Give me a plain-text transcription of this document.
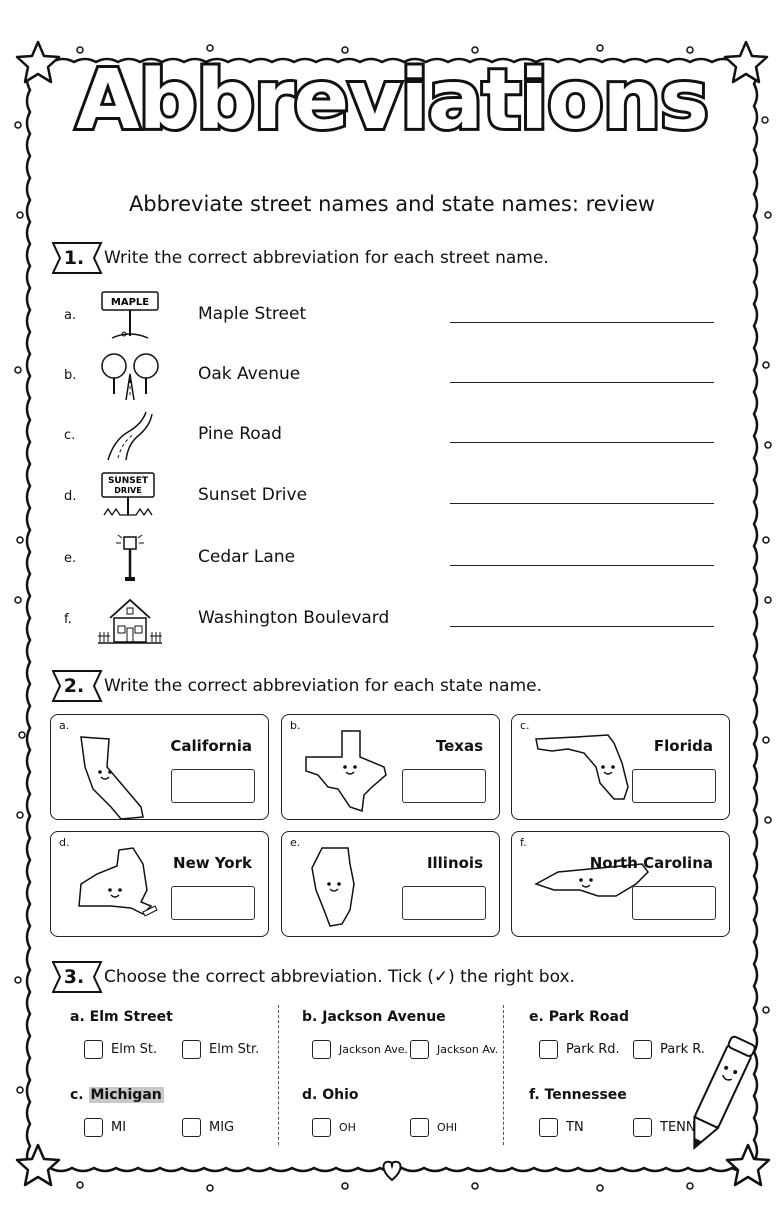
Abbreviations
Abbreviate street names and state names: review
1.	Write the correct abbreviation for each street name.
a.
MAPLE
Maple Street
b.	Oak Avenue
c.	Pine Road
d.
SUNSET
DRIVE	Sunset Drive
e.	Cedar Lane
f.	Washington Boulevard
2.	Write the correct abbreviation for each state name.
a.
California
b.
Texas
c.
Florida
d.
New York
e.
Illinois
f.
North Carolina
3.	Choose the correct abbreviation. Tick (✓) the right box.
a. Elm Street
Elm St.	Elm Str.
b. Jackson Avenue
Jackson Ave.	Jackson Av.
e. Park Road
Park Rd.	Park R.
c. Michigan
MI	MIG
d. Ohio
OH	OHI
f. Tennessee
TN	TENN
